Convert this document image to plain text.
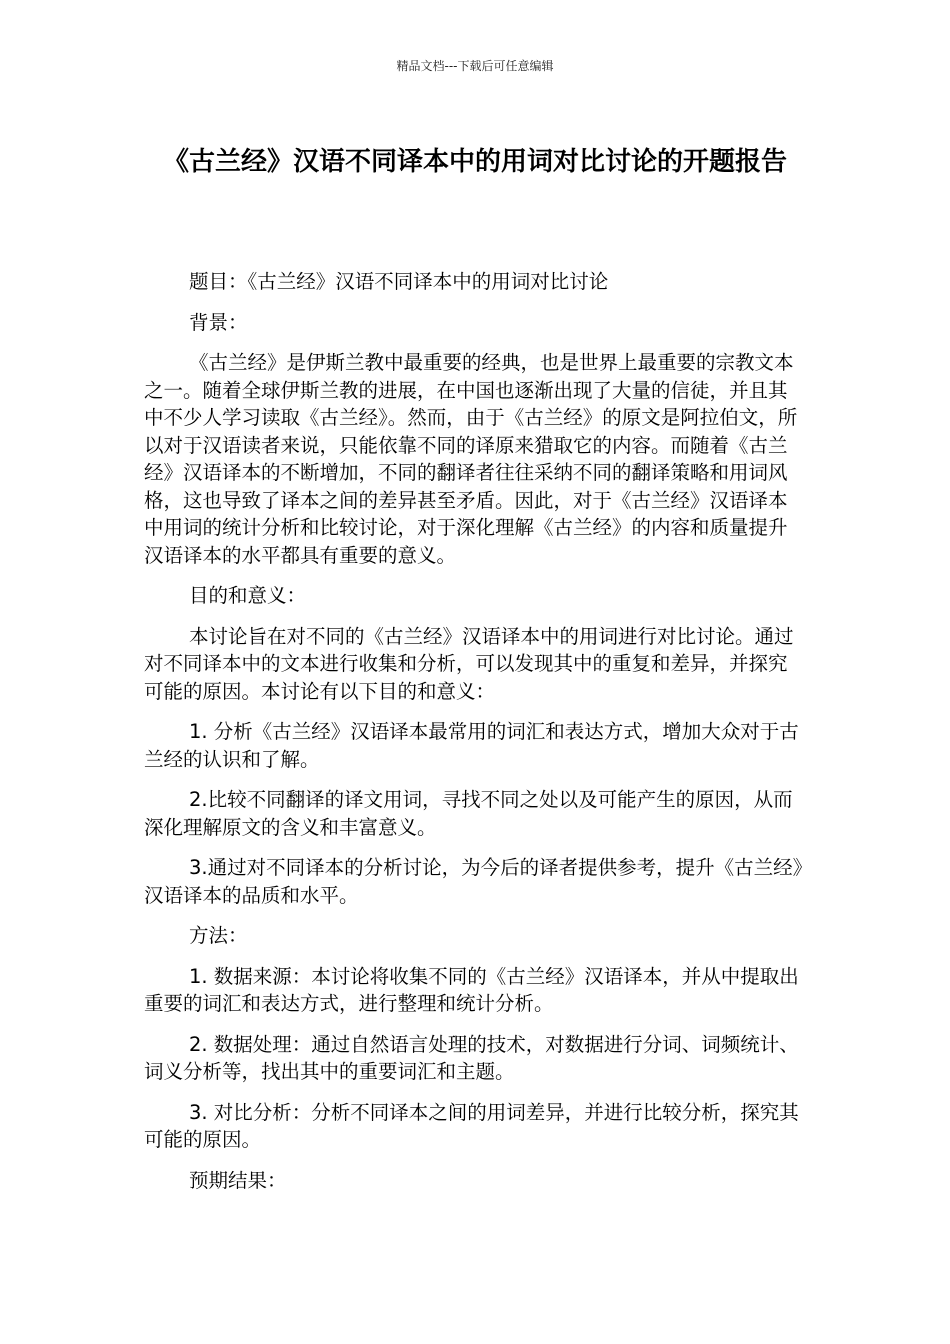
精品文档---下载后可任意编辑
《古兰经》汉语不同译本中的用词对比讨论的开题报告

题目：《古兰经》汉语不同译本中的用词对比讨论

背景：

《古兰经》是伊斯兰教中最重要的经典，也是世界上最重要的宗教文本之一。随着全球伊斯兰教的进展，在中国也逐渐出现了大量的信徒，并且其中不少人学习读取《古兰经》。然而，由于《古兰经》的原文是阿拉伯文，所以对于汉语读者来说，只能依靠不同的译原来猎取它的内容。而随着《古兰经》汉语译本的不断增加，不同的翻译者往往采纳不同的翻译策略和用词风格，这也导致了译本之间的差异甚至矛盾。因此，对于《古兰经》汉语译本中用词的统计分析和比较讨论，对于深化理解《古兰经》的内容和质量提升汉语译本的水平都具有重要的意义。

目的和意义：

本讨论旨在对不同的《古兰经》汉语译本中的用词进行对比讨论。通过对不同译本中的文本进行收集和分析，可以发现其中的重复和差异，并探究可能的原因。本讨论有以下目的和意义：

1. 分析《古兰经》汉语译本最常用的词汇和表达方式，增加大众对于古兰经的认识和了解。

2.比较不同翻译的译文用词，寻找不同之处以及可能产生的原因，从而深化理解原文的含义和丰富意义。

3.通过对不同译本的分析讨论，为今后的译者提供参考，提升《古兰经》汉语译本的品质和水平。

方法：

1. 数据来源：本讨论将收集不同的《古兰经》汉语译本，并从中提取出重要的词汇和表达方式，进行整理和统计分析。

2. 数据处理：通过自然语言处理的技术，对数据进行分词、词频统计、词义分析等，找出其中的重要词汇和主题。

3. 对比分析：分析不同译本之间的用词差异，并进行比较分析，探究其可能的原因。

预期结果：
